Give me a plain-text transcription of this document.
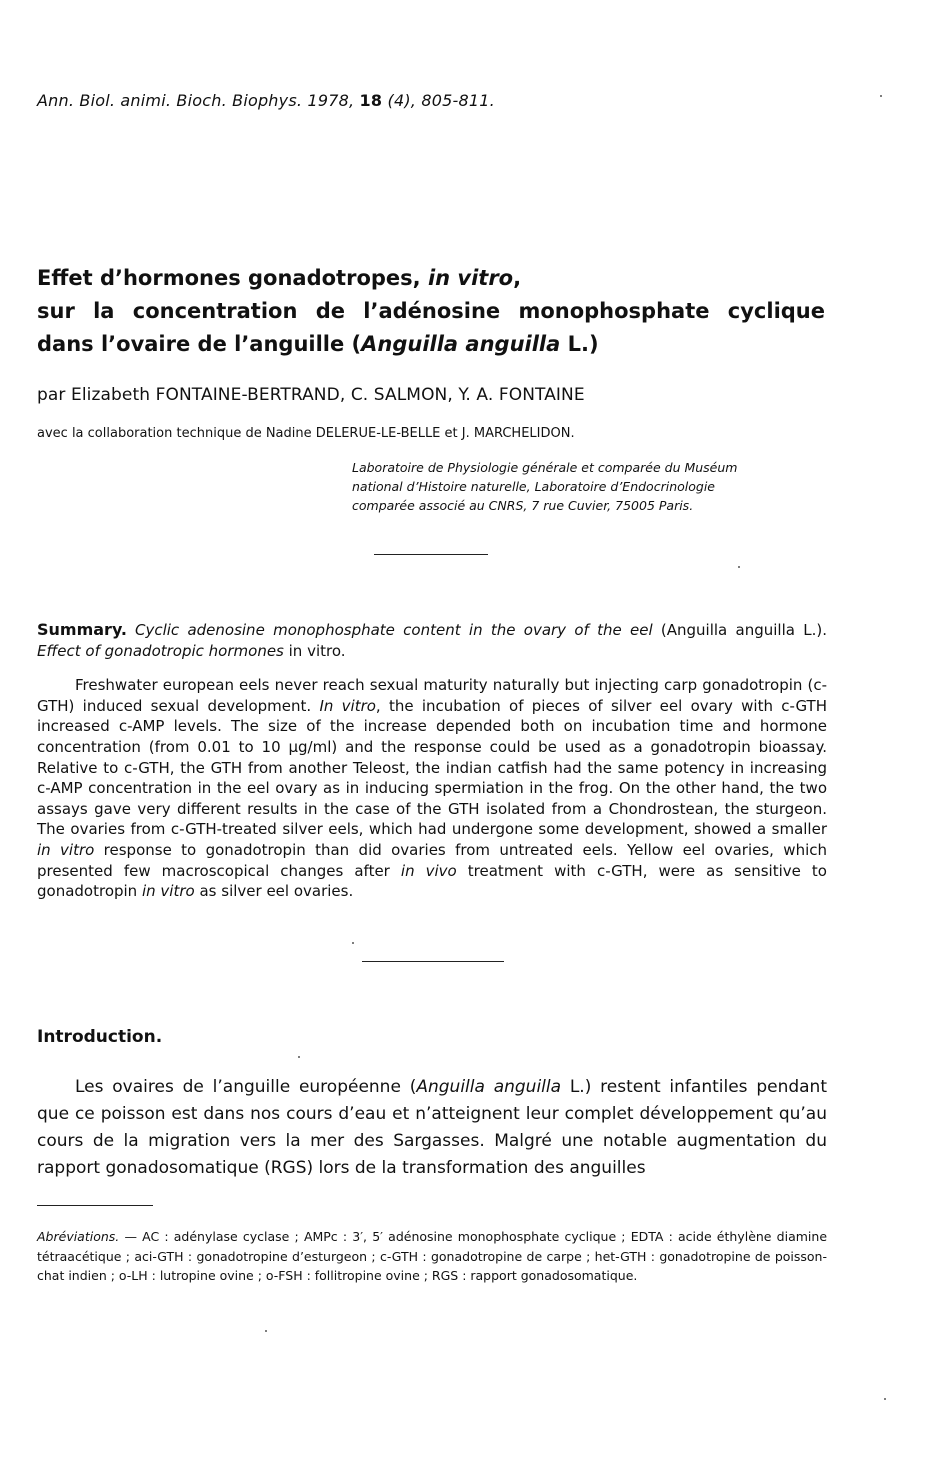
Ann. Biol. animi. Bioch. Biophys. 1978, 18 (4), 805-811.
Effet d’hormones gonadotropes, in vitro,
sur la concentration de l’adénosine monophosphate cyclique
dans l’ovaire de l’anguille (Anguilla anguilla L.)
par Elizabeth FONTAINE-BERTRAND, C. SALMON, Y. A. FONTAINE
avec la collaboration technique de Nadine DELERUE-LE-BELLE et J. MARCHELIDON.
Laboratoire de Physiologie générale et comparée du Muséum
national d’Histoire naturelle, Laboratoire d’Endocrinologie
comparée associé au CNRS, 7 rue Cuvier, 75005 Paris.

Summary. Cyclic adenosine monophosphate content in the ovary of the eel (Anguilla anguilla L.). Effect of gonadotropic hormones in vitro.

Freshwater european eels never reach sexual maturity naturally but injecting carp gonadotropin (c-GTH) induced sexual development. In vitro, the incubation of pieces of silver eel ovary with c-GTH increased c-AMP levels. The size of the increase depended both on incubation time and hormone concentration (from 0.01 to 10 µg/ml) and the response could be used as a gonadotropin bioassay. Relative to c-GTH, the GTH from another Teleost, the indian catfish had the same potency in increasing c-AMP concentration in the eel ovary as in inducing spermiation in the frog. On the other hand, the two assays gave very different results in the case of the GTH isolated from a Chondrostean, the sturgeon. The ovaries from c-GTH-treated silver eels, which had undergone some development, showed a smaller in vitro response to gonadotropin than did ovaries from untreated eels. Yellow eel ovaries, which presented few macroscopical changes after in vivo treatment with c-GTH, were as sensitive to gonadotropin in vitro as silver eel ovaries.

Introduction.
Les ovaires de l’anguille européenne (Anguilla anguilla L.) restent infantiles pendant que ce poisson est dans nos cours d’eau et n’atteignent leur complet développement qu’au cours de la migration vers la mer des Sargasses. Malgré une notable augmentation du rapport gonadosomatique (RGS) lors de la transformation des anguilles
Abréviations. — AC : adénylase cyclase ; AMPc : 3′, 5′ adénosine monophosphate cyclique ; EDTA : acide éthylène diamine tétraacétique ; aci-GTH : gonadotropine d’esturgeon ; c-GTH : gonadotropine de carpe ; het-GTH : gonadotropine de poisson-chat indien ; o-LH : lutropine ovine ; o-FSH : follitropine ovine ; RGS : rapport gonadosomatique.
